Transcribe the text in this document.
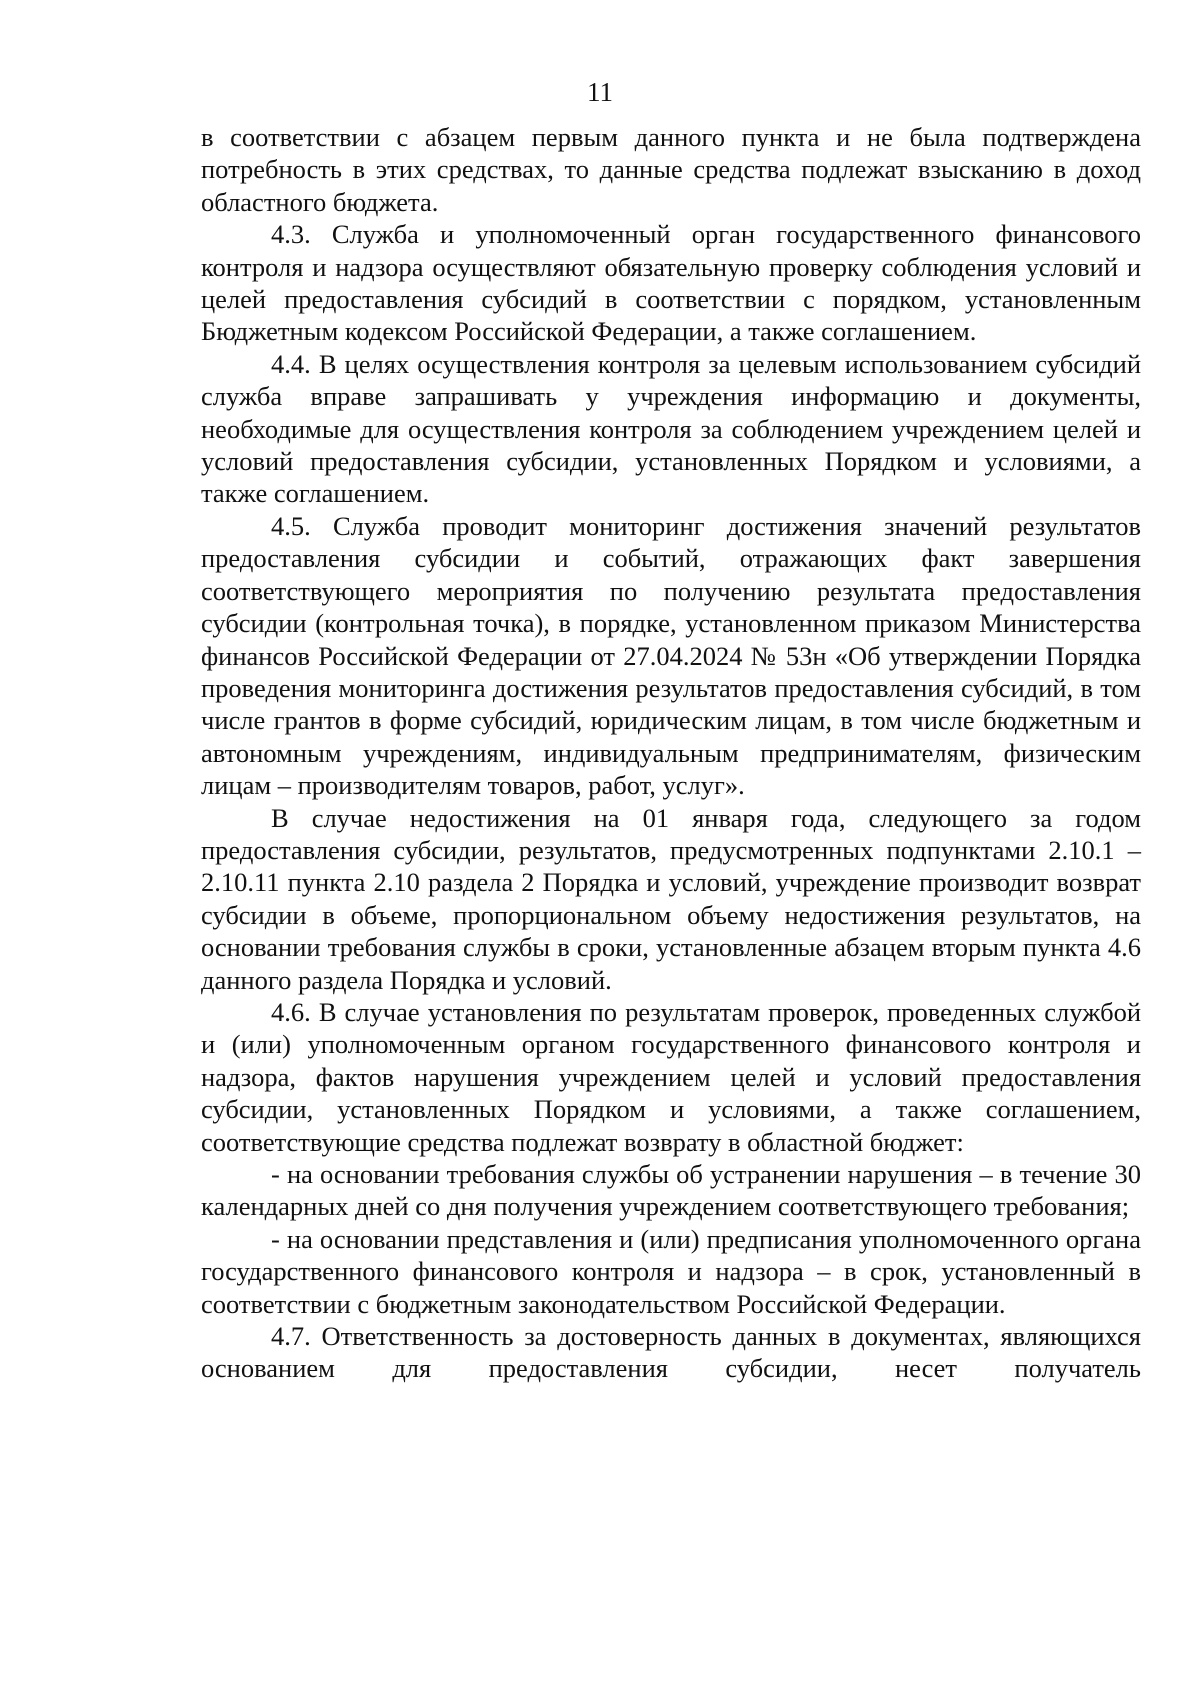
11

в соответствии с абзацем первым данного пункта и не была подтверждена потребность в этих средствах, то данные средства подлежат взысканию в доход областного бюджета.

4.3. Служба и уполномоченный орган государственного финансового контроля и надзора осуществляют обязательную проверку соблюдения условий и целей предоставления субсидий в соответствии с порядком, установленным Бюджетным кодексом Российской Федерации, а также соглашением.

4.4. В целях осуществления контроля за целевым использованием субсидий служба вправе запрашивать у учреждения информацию и документы, необходимые для осуществления контроля за соблюдением учреждением целей и условий предоставления субсидии, установленных Порядком и условиями, а также соглашением.

4.5. Служба проводит мониторинг достижения значений результатов предоставления субсидии и событий, отражающих факт завершения соответствующего мероприятия по получению результата предоставления субсидии (контрольная точка), в порядке, установленном приказом Министерства финансов Российской Федерации от 27.04.2024 № 53н «Об утверждении Порядка проведения мониторинга достижения результатов предоставления субсидий, в том числе грантов в форме субсидий, юридическим лицам, в том числе бюджетным и автономным учреждениям, индивидуальным предпринимателям, физическим лицам – производителям товаров, работ, услуг».

В случае недостижения на 01 января года, следующего за годом предоставления субсидии, результатов, предусмотренных подпунктами 2.10.1 – 2.10.11 пункта 2.10 раздела 2 Порядка и условий, учреждение производит возврат субсидии в объеме, пропорциональном объему недостижения результатов, на основании требования службы в сроки, установленные абзацем вторым пункта 4.6 данного раздела Порядка и условий.

4.6. В случае установления по результатам проверок, проведенных службой и (или) уполномоченным органом государственного финансового контроля и надзора, фактов нарушения учреждением целей и условий предоставления субсидии, установленных Порядком и условиями, а также соглашением, соответствующие средства подлежат возврату в областной бюджет:

- на основании требования службы об устранении нарушения – в течение 30 календарных дней со дня получения учреждением соответствующего требования;

- на основании представления и (или) предписания уполномоченного органа государственного финансового контроля и надзора – в срок, установленный в соответствии с бюджетным законодательством Российской Федерации.

4.7. Ответственность за достоверность данных в документах, являющихся основанием для предоставления субсидии, несет получатель
